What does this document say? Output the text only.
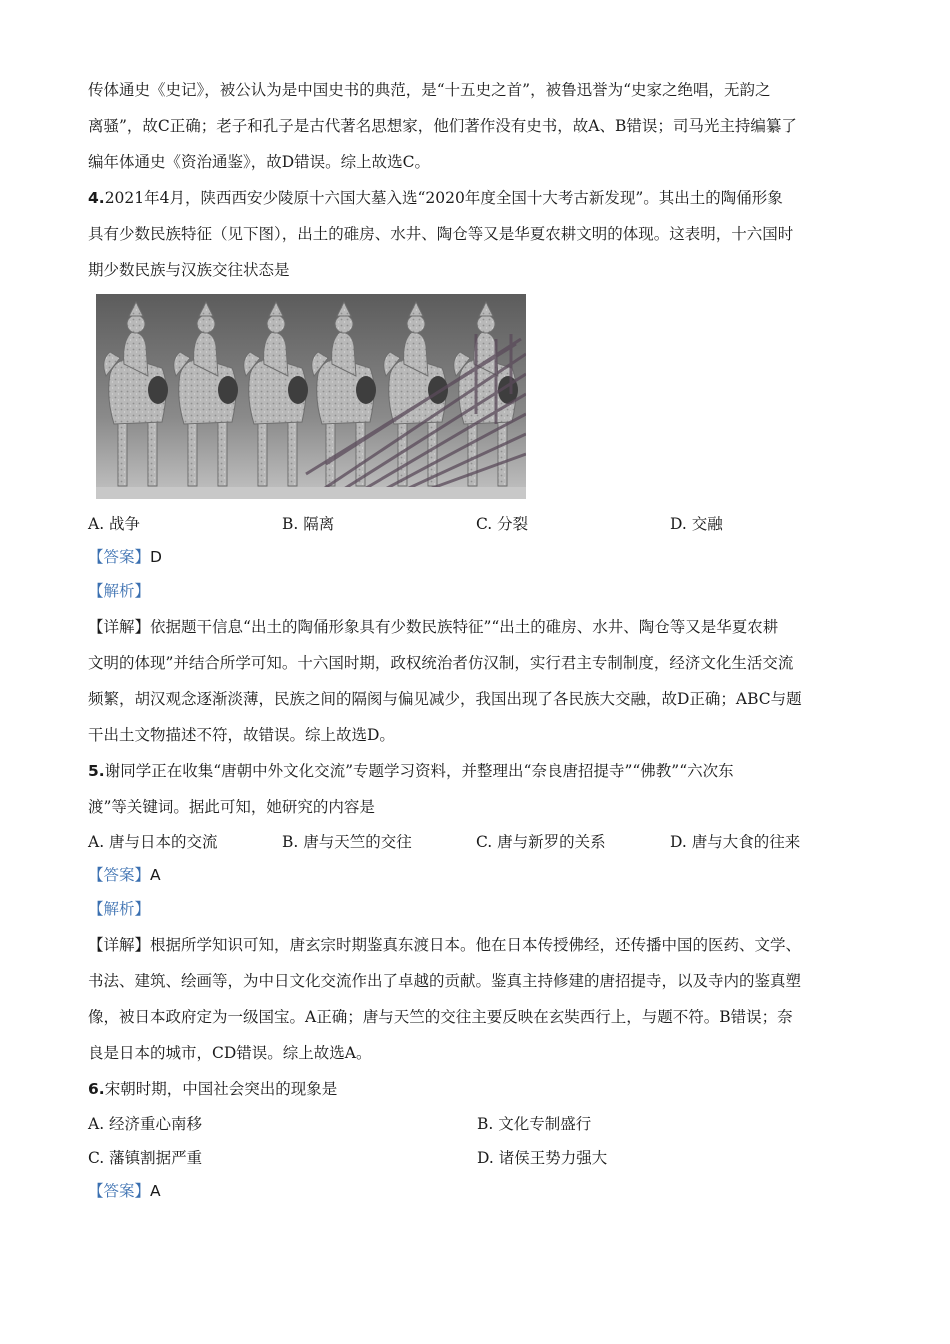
传体通史《史记》，被公认为是中国史书的典范，是“十五史之首”，被鲁迅誉为“史家之绝唱，无韵之
离骚”，故C正确；老子和孔子是古代著名思想家，他们著作没有史书，故A、B错误；司马光主持编纂了
编年体通史《资治通鉴》，故D错误。综上故选C。
4.2021年4月，陕西西安少陵原十六国大墓入选“2020年度全国十大考古新发现”。其出土的陶俑形象
具有少数民族特征（见下图），出土的碓房、水井、陶仓等又是华夏农耕文明的体现。这表明，十六国时
期少数民族与汉族交往状态是
A. 战争	B. 隔离	C. 分裂	D. 交融
【答案】D
【解析】
【详解】依据题干信息“出土的陶俑形象具有少数民族特征”“出土的碓房、水井、陶仓等又是华夏农耕
文明的体现”并结合所学可知。十六国时期，政权统治者仿汉制，实行君主专制制度，经济文化生活交流
频繁，胡汉观念逐渐淡薄，民族之间的隔阂与偏见减少，我国出现了各民族大交融，故D正确；ABC与题
干出土文物描述不符，故错误。综上故选D。
5.谢同学正在收集“唐朝中外文化交流”专题学习资料，并整理出“奈良唐招提寺”“佛教”“六次东
渡”等关键词。据此可知，她研究的内容是
A. 唐与日本的交流	B. 唐与天竺的交往	C. 唐与新罗的关系	D. 唐与大食的往来
【答案】A
【解析】
【详解】根据所学知识可知，唐玄宗时期鉴真东渡日本。他在日本传授佛经，还传播中国的医药、文学、
书法、建筑、绘画等，为中日文化交流作出了卓越的贡献。鉴真主持修建的唐招提寺，以及寺内的鉴真塑
像，被日本政府定为一级国宝。A正确；唐与天竺的交往主要反映在玄奘西行上，与题不符。B错误；奈
良是日本的城市，CD错误。综上故选A。
6.宋朝时期，中国社会突出的现象是
A. 经济重心南移	B. 文化专制盛行
C. 藩镇割据严重	D. 诸侯王势力强大
【答案】A
